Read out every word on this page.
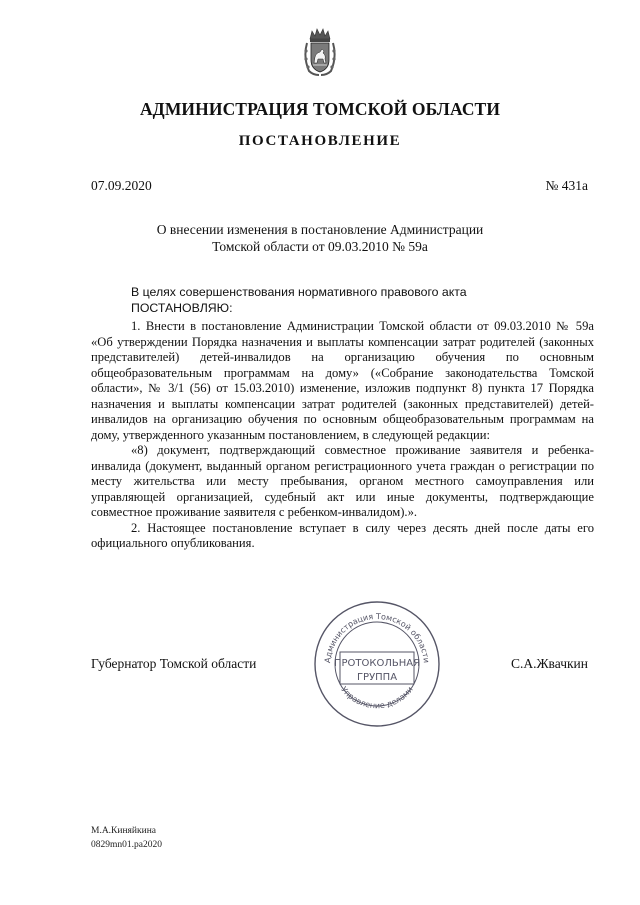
АДМИНИСТРАЦИЯ ТОМСКОЙ ОБЛАСТИ
ПОСТАНОВЛЕНИЕ
07.09.2020	№ 431а
О внесении изменения в постановление Администрации
Томской области от 09.03.2010 № 59а

В целях совершенствования нормативного правового акта

ПОСТАНОВЛЯЮ:

1. Внести в постановление Администрации Томской области от 09.03.2010 № 59а «Об утверждении Порядка назначения и выплаты компенсации затрат родителей (законных представителей) детей-инвалидов на организацию обучения по основным общеобразовательным программам на дому» («Собрание законодательства Томской области», № 3/1 (56) от 15.03.2010) изменение, изложив подпункт 8) пункта 17 Порядка назначения и выплаты компенсации затрат родителей (законных представителей) детей-инвалидов на организацию обучения по основным общеобразовательным программам на дому, утвержденного указанным постановлением, в следующей редакции:

«8) документ, подтверждающий совместное проживание заявителя и ребенка-инвалида (документ, выданный органом регистрационного учета граждан о регистрации по месту жительства или месту пребывания, органом местного самоуправления или управляющей организацией, судебный акт или иные документы, подтверждающие совместное проживание заявителя с ребенком-инвалидом).».

2. Настоящее постановление вступает в силу через десять дней после даты его официального опубликования.

Администрация Томской области
Управление делами
ПРОТОКОЛЬНАЯ
ГРУППА
Губернатор Томской области	С.А.Жвачкин
М.А.Киняйкина
0829mn01.pa2020
